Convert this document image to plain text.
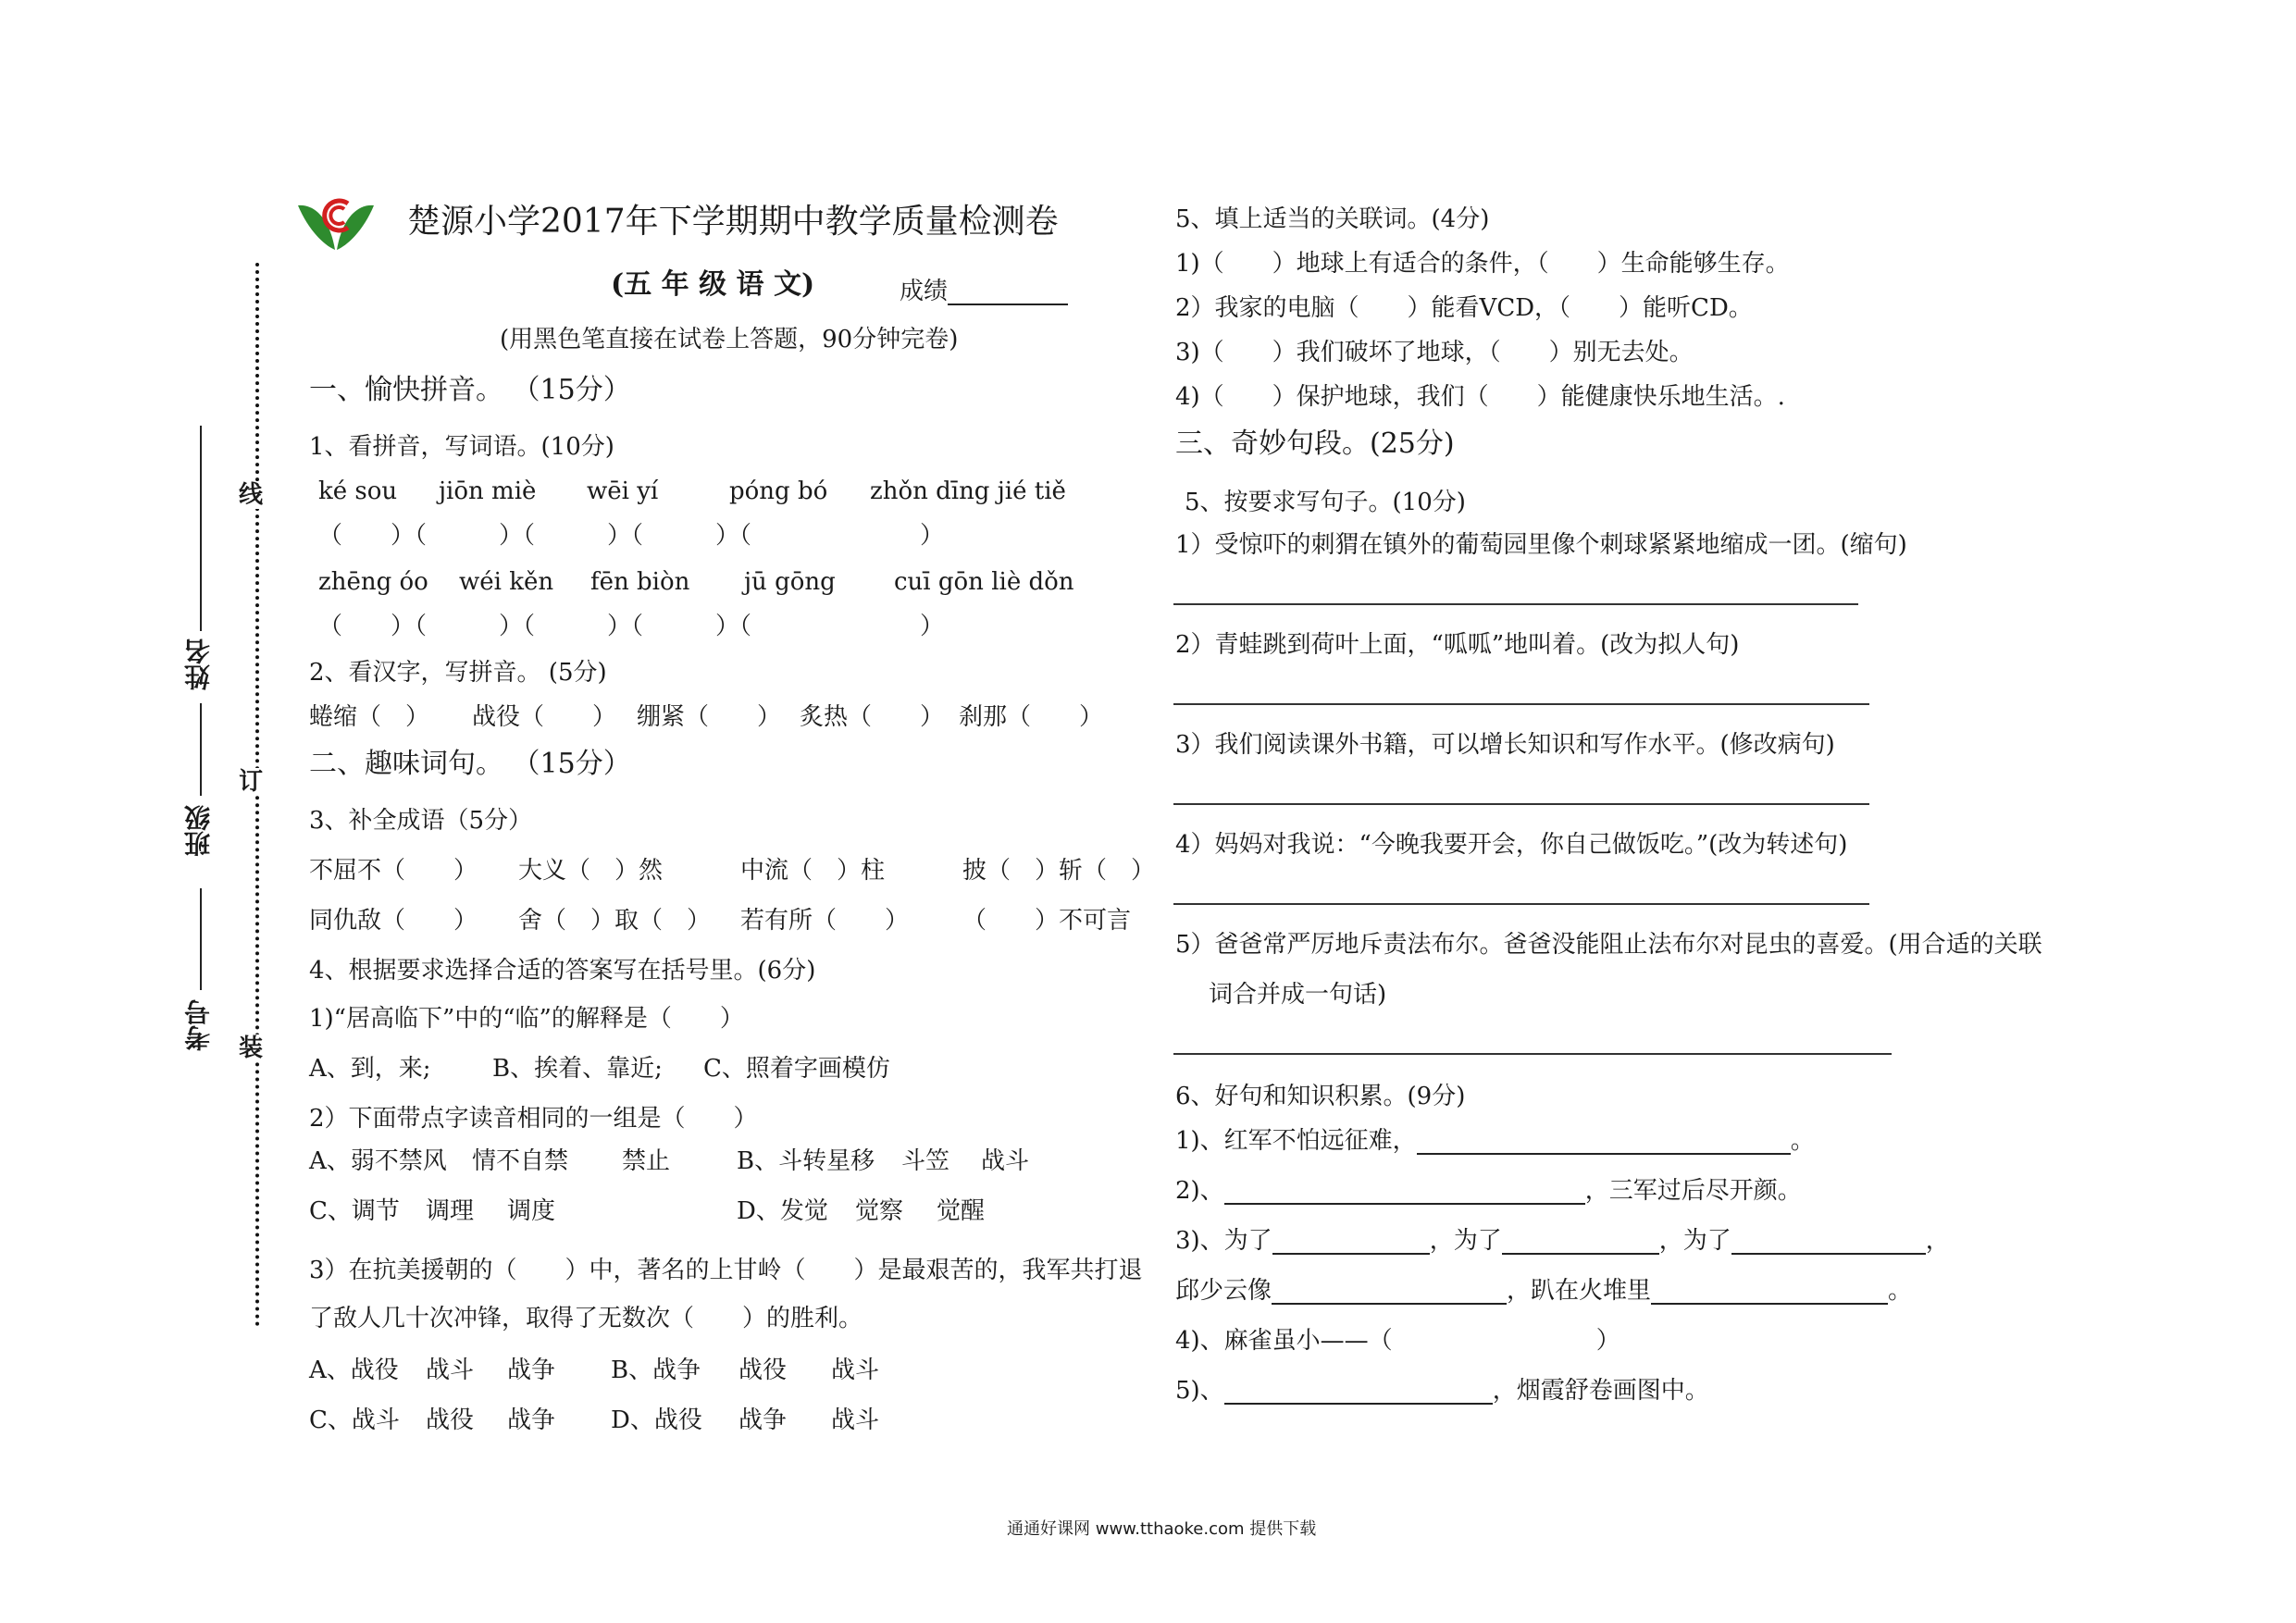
楚源小学2017年下学期期中教学质量检测卷
(五 年 级 语 文)	成绩
(用黑色笔直接在试卷上答题，90分钟完卷)
线
订
装
姓名
班级
考号
一、愉快拼音。 （15分）
1、看拼音，写词语。(10分)
ké sou jiōn miè wēi yí	póng bó zhǒn dīng jié tiě
（　　）（　　　）（　　　）（　　　）（　　　　　　　）
zhēng óo wéi kěn fēn biòn jū gōng cuī gōn liè dǒn
（　　）（　　　）（　　　）（　　　）（　　　　　　　）
2、看汉字，写拼音。 (5分)
蜷缩（　） 战役（　　） 绷紧（　　） 炙热（　　） 刹那（　　）
二、趣味词句。 （15分）
3、补全成语（5分）
不屈不（　　） 大义（　）然	中流（　）柱	披（　）斩（　）
同仇敌（　　） 舍（　）取（　） 若有所（　　） （　　）不可言
4、根据要求选择合适的答案写在括号里。(6分)
1)“居高临下”中的“临”的解释是（　　）
A、到，来;	B、挨着、靠近; C、照着字画模仿
2）下面带点字读音相同的一组是（　　）
A、弱不禁风 情不自禁 禁止	B、斗转星移 斗笠 战斗
C、调节 调理 调度	D、发觉 觉察 觉醒
3）在抗美援朝的（　　）中，著名的上甘岭（　　）是最艰苦的，我军共打退
了敌人几十次冲锋，取得了无数次（　　）的胜利。
A、战役 战斗 战争 B、战争 战役 战斗
C、战斗 战役 战争 D、战役 战争 战斗
5、填上适当的关联词。(4分)
1)（　　）地球上有适合的条件，（　　）生命能够生存。
2）我家的电脑（　　）能看VCD，（　　）能听CD。
3)（　　）我们破坏了地球，（　　）别无去处。
4)（　　）保护地球，我们（　　）能健康快乐地生活。.
三、奇妙句段。(25分)
5、按要求写句子。(10分)
1）受惊吓的刺猬在镇外的葡萄园里像个刺球紧紧地缩成一团。(缩句)
2）青蛙跳到荷叶上面，“呱呱”地叫着。(改为拟人句)
3）我们阅读课外书籍，可以增长知识和写作水平。(修改病句)
4）妈妈对我说：“今晚我要开会，你自己做饭吃。”(改为转述句)
5）爸爸常严厉地斥责法布尔。爸爸没能阻止法布尔对昆虫的喜爱。(用合适的关联
词合并成一句话)
6、好句和知识积累。(9分)
1)、红军不怕远征难，	。
2)、	，三军过后尽开颜。
3)、为了	，为了	，为了	，
邱少云像	，趴在火堆里	。
4)、麻雀虽小——（	）
5)、	，烟霞舒卷画图中。
通通好课网 www.tthaoke.com 提供下载
